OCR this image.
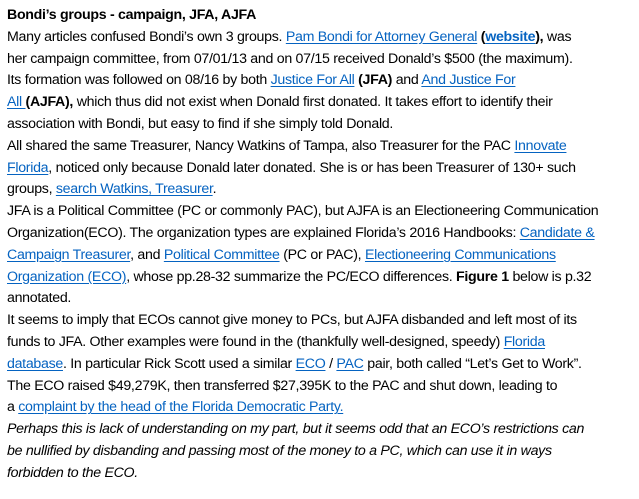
Bondi’s groups - campaign, JFA, AJFA
Many articles confused Bondi’s own 3 groups. Pam Bondi for Attorney General (website), was
her campaign committee, from 07/01/13 and on 07/15 received Donald’s $500 (the maximum).
Its formation was followed on 08/16 by both Justice For All (JFA) and And Justice For
All (AJFA), which thus did not exist when Donald first donated. It takes effort to identify their
association with Bondi, but easy to find if she simply told Donald.
All shared the same Treasurer, Nancy Watkins of Tampa, also Treasurer for the PAC Innovate
Florida, noticed only because Donald later donated. She is or has been Treasurer of 130+ such
groups, search Watkins, Treasurer.
JFA is a Political Committee (PC or commonly PAC), but AJFA is an Electioneering Communication
Organization(ECO). The organization types are explained Florida’s 2016 Handbooks: Candidate &
Campaign Treasurer, and Political Committee (PC or PAC), Electioneering Communications
Organization (ECO), whose pp.28-32 summarize the PC/ECO differences. Figure 1 below is p.32
annotated.
It seems to imply that ECOs cannot give money to PCs, but AJFA disbanded and left most of its
funds to JFA. Other examples were found in the (thankfully well-designed, speedy) Florida
database. In particular Rick Scott used a similar ECO / PAC pair, both called “Let’s Get to Work”.
The ECO raised $49,279K, then transferred $27,395K to the PAC and shut down, leading to
a complaint by the head of the Florida Democratic Party.
Perhaps this is lack of understanding on my part, but it seems odd that an ECO’s restrictions can
be nullified by disbanding and passing most of the money to a PC, which can use it in ways
forbidden to the ECO.
